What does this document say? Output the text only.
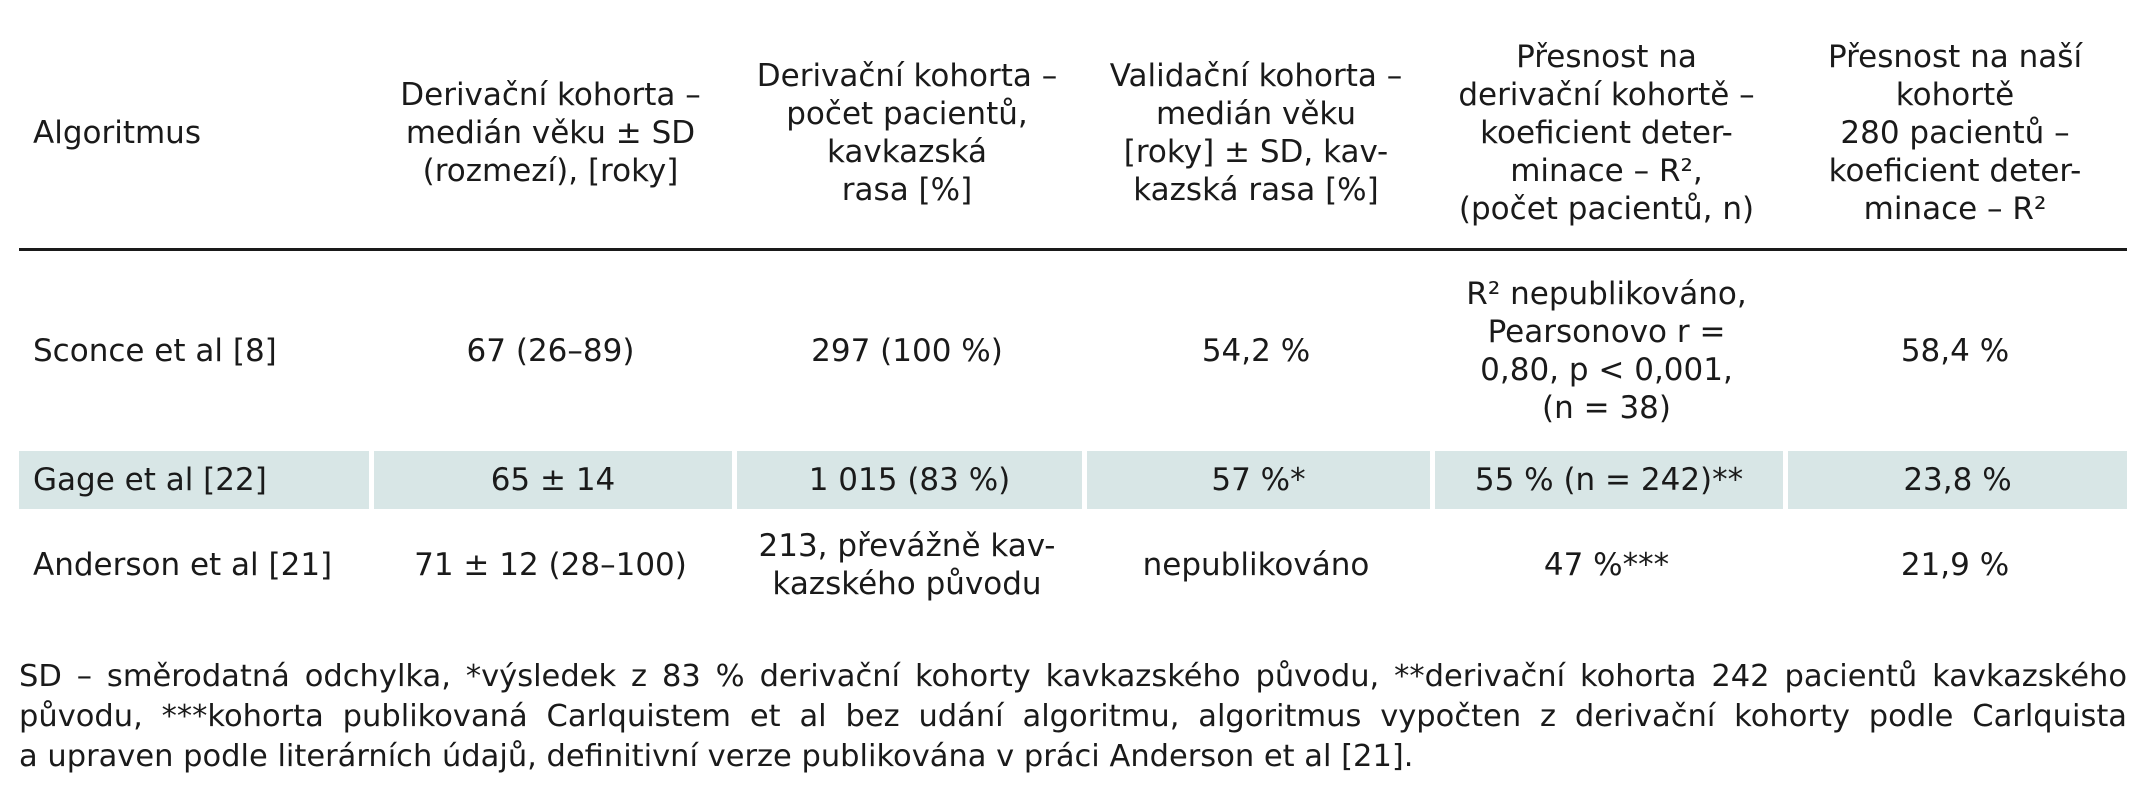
Algoritmus	Derivační kohorta –
medián věku ± SD
(rozmezí), [roky]	Derivační kohorta –
počet pacientů,
kavkazská
rasa [%]	Validační kohorta –
medián věku
[roky] ± SD, kav-
kazská rasa [%]	Přesnost na
derivační kohortě –
koeficient deter-
minace – R²,
(počet pacientů, n)	Přesnost na naší
kohortě
280 pacientů –
koeficient deter-
minace – R²

Sconce et al [8]	67 (26–89)	297 (100 %)	54,2 %	R² nepublikováno,
Pearsonovo r =
0,80, p < 0,001,
(n = 38)	58,4 %

Gage et al [22]	65 ± 14	1 015 (83 %)	57 %*	55 % (n = 242)**	23,8 %

Anderson et al [21]	71 ± 12 (28–100)	213, převážně kav-
kazského původu	nepublikováno	47 %***	21,9 %
SD – směrodatná odchylka, *výsledek z 83 % derivační kohorty kavkazského původu, **derivační kohorta 242 pacientů kavkazského
původu, ***kohorta publikovaná Carlquistem et al bez udání algoritmu, algoritmus vypočten z derivační kohorty podle Carlquista
a upraven podle literárních údajů, definitivní verze publikována v práci Anderson et al [21].
